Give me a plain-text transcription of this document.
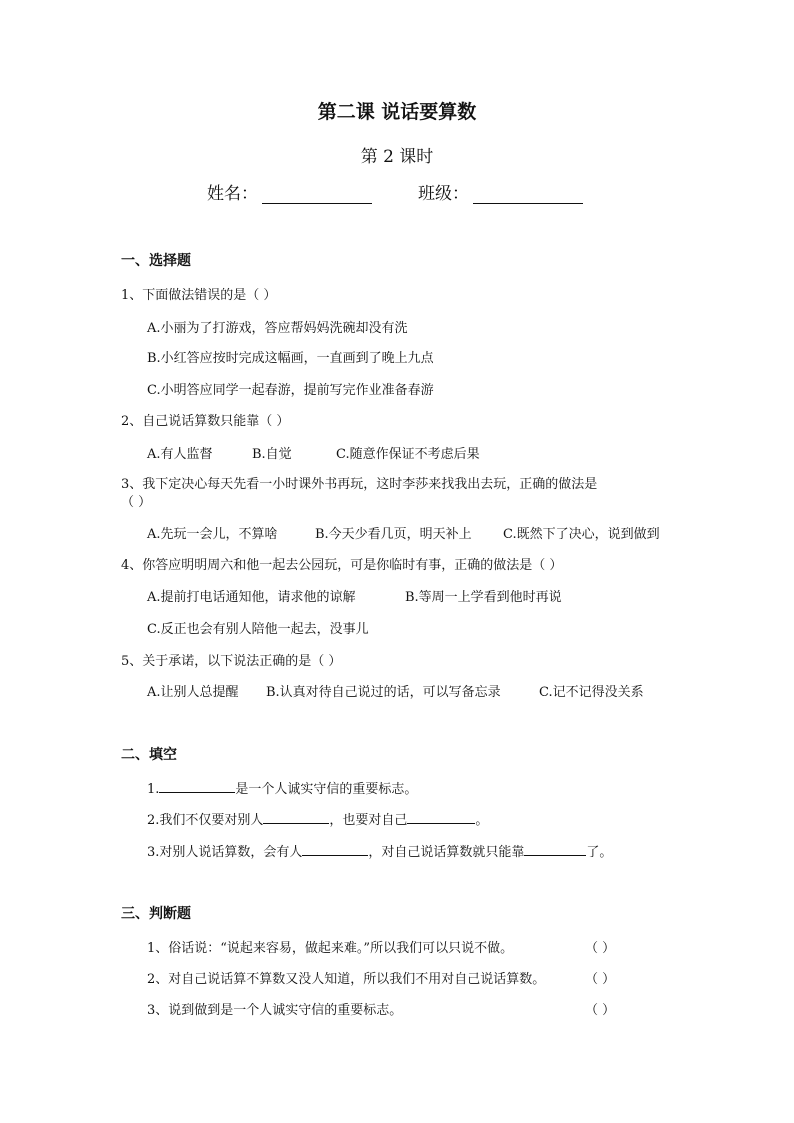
第二课 说话要算数
第 2 课时
姓名：	班级：
一、选择题
1、下面做法错误的是（ ）
A.小丽为了打游戏，答应帮妈妈洗碗却没有洗
B.小红答应按时完成这幅画，一直画到了晚上九点
C.小明答应同学一起春游，提前写完作业准备春游
2、自己说话算数只能靠（ ）
A.有人监督	B.自觉	C.随意作保证不考虑后果
3、我下定决心每天先看一小时课外书再玩，这时李莎来找我出去玩，正确的做法是
（ ）
A.先玩一会儿，不算啥	B.今天少看几页，明天补上 C.既然下了决心，说到做到
4、你答应明明周六和他一起去公园玩，可是你临时有事，正确的做法是（ ）
A.提前打电话通知他，请求他的谅解	B.等周一上学看到他时再说
C.反正也会有别人陪他一起去，没事儿
5、关于承诺，以下说法正确的是（ ）
A.让别人总提醒 B.认真对待自己说过的话，可以写备忘录	C.记不记得没关系
二、填空
1.	是一个人诚实守信的重要标志。
2.我们不仅要对别人	，也要对自己	。
3.对别人说话算数，会有人	，对自己说话算数就只能靠	了。
三、判断题
1、俗话说：“说起来容易，做起来难。”所以我们可以只说不做。	（ ）
2、对自己说话算不算数又没人知道，所以我们不用对自己说话算数。	（ ）
3、说到做到是一个人诚实守信的重要标志。	（ ）
